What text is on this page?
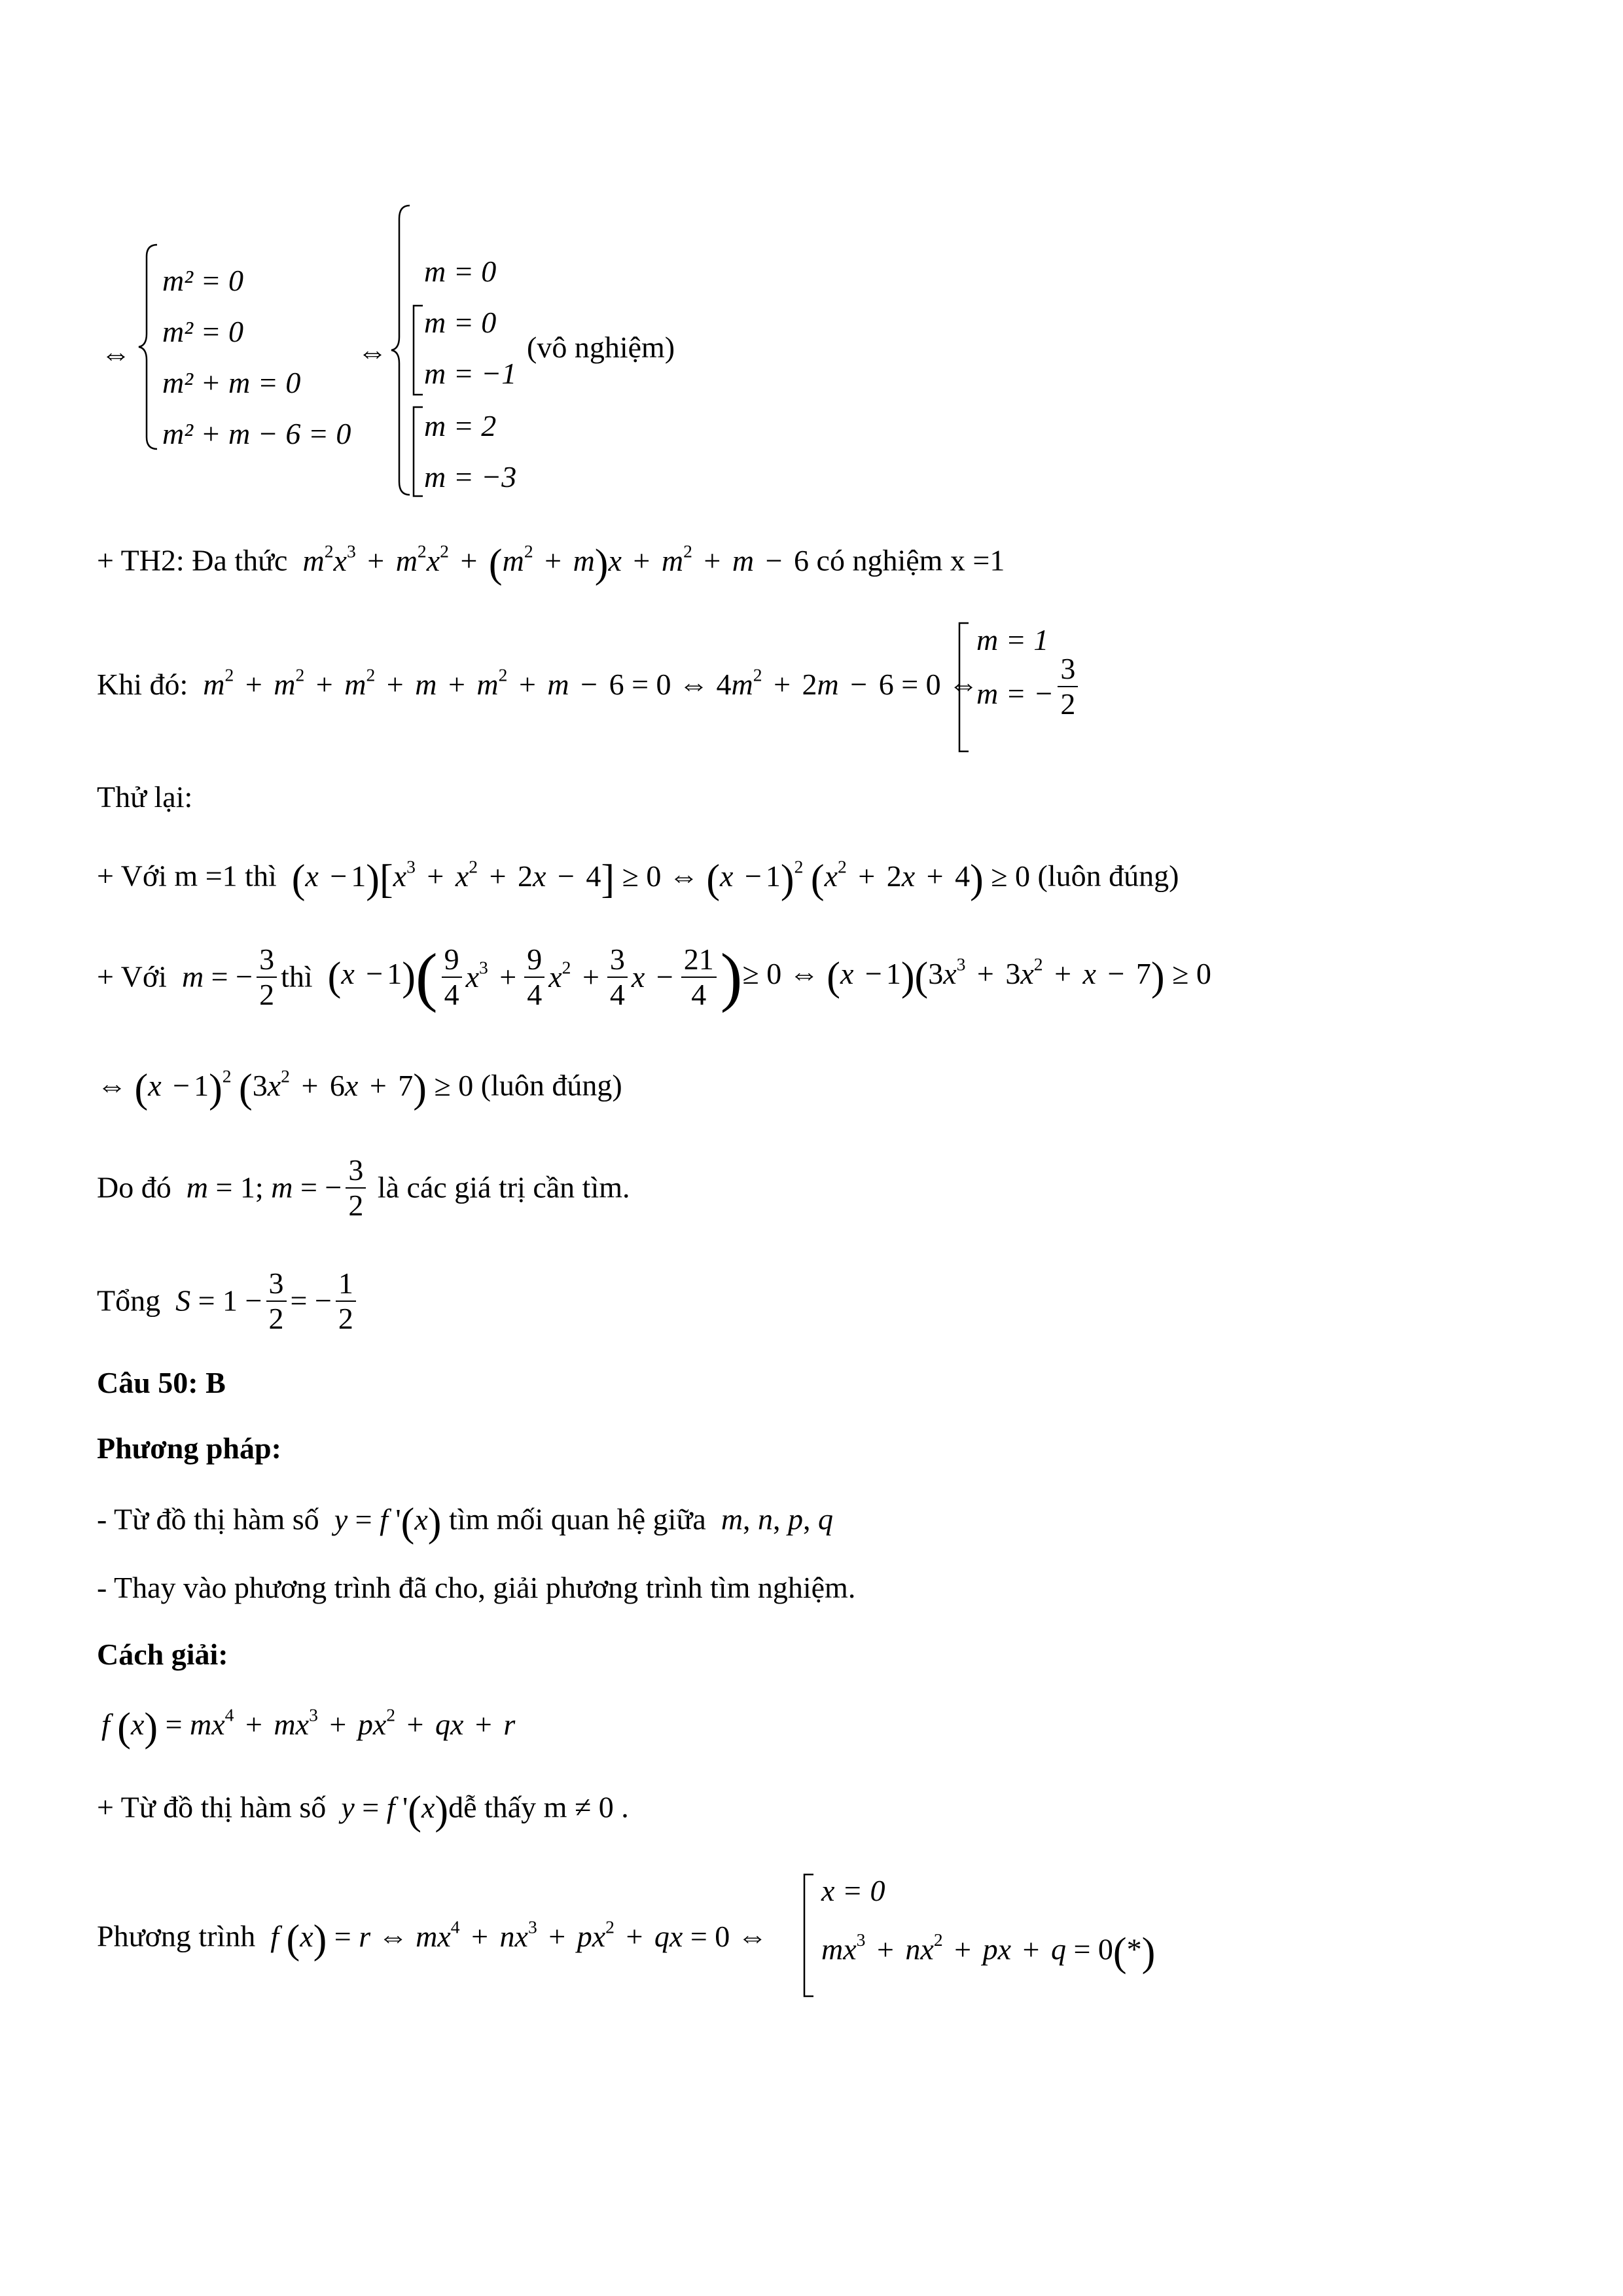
⇔
m² = 0
m² = 0
m² + m = 0
m² + m − 6 = 0
⇔
m = 0
m = 0
m = −1
(vô nghiệm)
m = 2
m = −3
+ TH2: Đa thức  $m^2x^3 + m^2x^2 + (m^2 + m)x + m^2 + m - 6$ có nghiệm x =1
Khi đó:  $m^2 + m^2 + m^2 + m + m^2 + m - 6 = 0$ ⇔ $4m^2 + 2m - 6 = 0$ ⇔
m = 1
m = − $\frac{3}{2}$
Thử lại:
+ Với m =1 thì $(x - 1)[x^3 + x^2 + 2x - 4] \ge 0$ ⇔ $(x - 1)^2$ $(x^2 + 2x + 4) \ge 0$ (luôn đúng)
+ Với  m = − $\frac{3}{2}$ thì $(x - 1)( \frac{9}{4} x^3 + \frac{9}{4} x^2 + \frac{3}{4}$ $x - \frac{21}{4}$ )≥ 0 ⇔ $(x - 1)(3x^3 + 3x^2 + x - 7) \ge 0$
⇔ $(x - 1)^2$ $(3x^2 + 6x + 7) \ge 0$ (luôn đúng)
Do đó  m = 1; m = − $\frac{3}{2}$ là các giá trị cần tìm.
Tổng  $S = 1 - \frac{3}{2}$ = − $\frac{1}{2}$
Câu 50: B
Phương pháp:
- Từ đồ thị hàm số  y = f '(x) tìm mối quan hệ giữa  m, n, p, q
- Thay vào phương trình đã cho, giải phương trình tìm nghiệm.
Cách giải:
f $(x) = mx^4 + mx^3 + px^2$ + qx + r
+ Từ đồ thị hàm số  y = f '(x)dễ thấy m ≠ 0 .
Phương trình  f (x) = r ⇔ $mx^4 + nx^3 + px^2$ + qx = 0 ⇔
x = 0
$mx^3 + nx^2$ + px + q = 0(*)
